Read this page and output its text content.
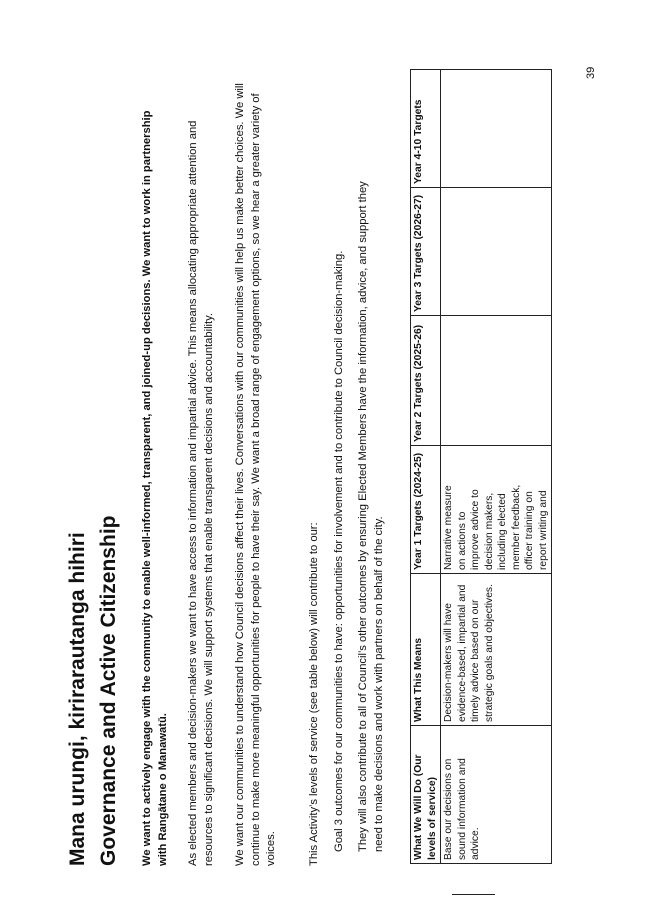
Mana urungi, kirirarautanga hihiri Governance and Active Citizenship We want to actively engage with the community to enable well-informed, transparent, and joined-up decisions. We want to work in partnership with Rangātane o Manawatū. As elected members and decision-makers we want to have access to information and impartial advice. This means allocating appropriate attention and resources to significant decisions. We will support systems that enable transparent decisions and accountability. We want our communities to understand how Council decisions affect their lives. Conversations with our communities will help us make better choices. We will continue to make more meaningful opportunities for people to have their say. We want a broad range of engagement options, so we hear a greater variety of voices.	This Activity’s levels of service (see table below) will contribute to our: Goal 3 outcomes for our communities to have: opportunities for involvement and to contribute to Council decision-making. They will also contribute to all of Council’s other outcomes by ensuring Elected Members have the information, advice, and support they need to make decisions and work with partners on behalf of the city.	What We Will Do (Our levels of service)	What This Means	Year 1 Targets (2024-25)	Year 2 Targets (2025-26)	Year 3 Targets (2026-27)	Year 4-10 Targets
Base our decisions on sound information and advice.	Decision-makers will have evidence-based, impartial and timely advice based on our strategic goals and objectives.	Narrative measure on actions to improve advice to decision makers, including elected member feedback, officer training on report writing and			

39
